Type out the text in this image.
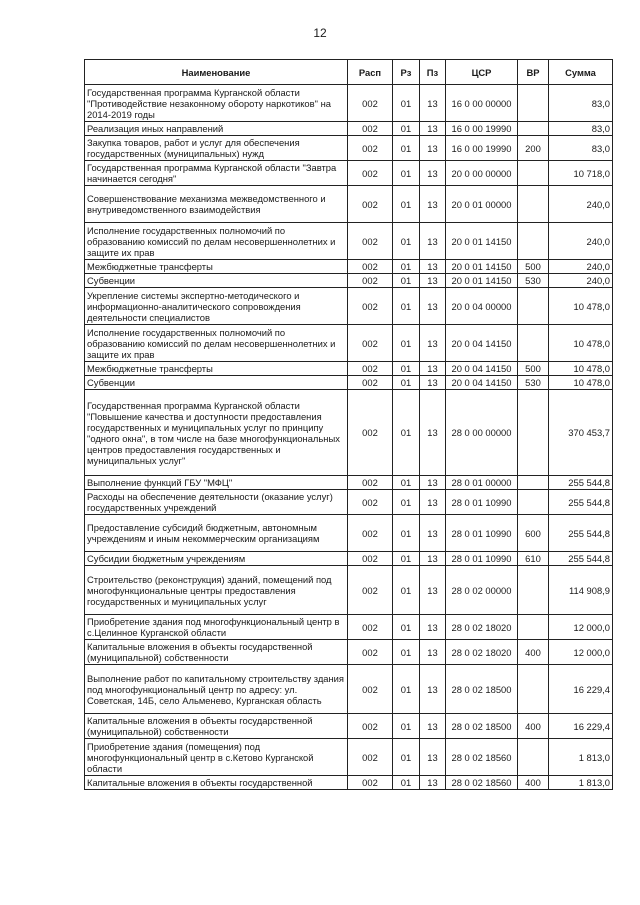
12
Наименование	Расп	Рз	Пз	ЦСР	ВР	Сумма
Государственная программа Курганской области "Противодействие незаконному обороту наркотиков" на 2014-2019 годы	002	01	13	16 0 00 00000		83,0
Реализация иных направлений	002	01	13	16 0 00 19990		83,0
Закупка товаров, работ и услуг для обеспечения государственных (муниципальных) нужд	002	01	13	16 0 00 19990	200	83,0
Государственная программа Курганской области "Завтра начинается сегодня"	002	01	13	20 0 00 00000		10 718,0
Совершенствование механизма межведомственного и внутриведомственного взаимодействия	002	01	13	20 0 01 00000		240,0
Исполнение государственных полномочий по образованию комиссий по делам несовершеннолетних и защите их прав	002	01	13	20 0 01 14150		240,0
Межбюджетные трансферты	002	01	13	20 0 01 14150	500	240,0
Субвенции	002	01	13	20 0 01 14150	530	240,0
Укрепление системы экспертно-методического и информационно-аналитического сопровождения деятельности специалистов	002	01	13	20 0 04 00000		10 478,0
Исполнение государственных полномочий по образованию комиссий по делам несовершеннолетних и защите их прав	002	01	13	20 0 04 14150		10 478,0
Межбюджетные трансферты	002	01	13	20 0 04 14150	500	10 478,0
Субвенции	002	01	13	20 0 04 14150	530	10 478,0
Государственная программа Курганской области "Повышение качества и доступности предоставления государственных и муниципальных услуг по принципу "одного окна", в том числе на базе многофункциональных центров предоставления государственных и муниципальных услуг"	002	01	13	28 0 00 00000		370 453,7
Выполнение функций ГБУ "МФЦ"	002	01	13	28 0 01 00000		255 544,8
Расходы на обеспечение деятельности (оказание услуг) государственных учреждений	002	01	13	28 0 01 10990		255 544,8
Предоставление субсидий бюджетным, автономным учреждениям и иным некоммерческим организациям	002	01	13	28 0 01 10990	600	255 544,8
Субсидии бюджетным учреждениям	002	01	13	28 0 01 10990	610	255 544,8
Строительство (реконструкция) зданий, помещений под многофункциональные центры предоставления государственных и муниципальных услуг	002	01	13	28 0 02 00000		114 908,9
Приобретение здания под многофункциональный центр в с.Целинное Курганской области	002	01	13	28 0 02 18020		12 000,0
Капитальные вложения в объекты государственной (муниципальной) собственности	002	01	13	28 0 02 18020	400	12 000,0
Выполнение работ по капитальному строительству здания под многофункциональный центр по адресу: ул. Советская, 14Б, село Альменево, Курганская область	002	01	13	28 0 02 18500		16 229,4
Капитальные вложения в объекты государственной (муниципальной) собственности	002	01	13	28 0 02 18500	400	16 229,4
Приобретение здания (помещения) под многофункциональный центр в с.Кетово Курганской области	002	01	13	28 0 02 18560		1 813,0
Капитальные вложения в объекты государственной	002	01	13	28 0 02 18560	400	1 813,0
